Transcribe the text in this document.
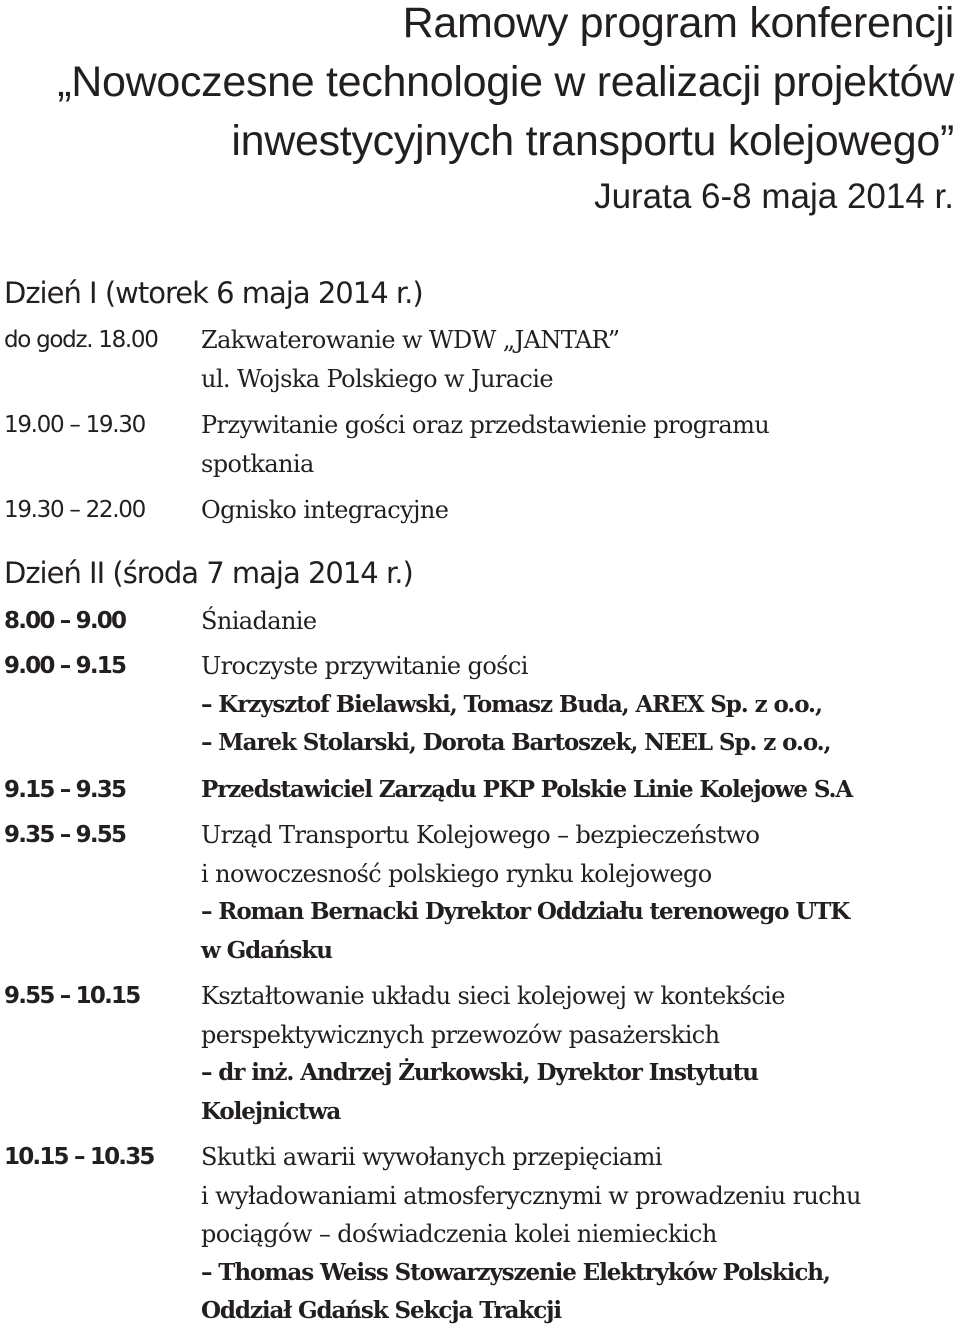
Ramowy program konferencji
„Nowoczesne technologie w realizacji projektów
inwestycyjnych transportu kolejowego”
Jurata 6-8 maja 2014 r.
Dzień I (wtorek 6 maja 2014 r.)
do godz. 18.00 Zakwaterowanie w WDW „JANTAR”
ul. Wojska Polskiego w Juracie
19.00 – 19.30 Przywitanie gości oraz przedstawienie programu
spotkania
19.30 – 22.00 Ognisko integracyjne
Dzień II (środa 7 maja 2014 r.)
8.00 – 9.00	Śniadanie
9.00 – 9.15	Uroczyste przywitanie gości
– Krzysztof Bielawski, Tomasz Buda, AREX Sp. z o.o.,
– Marek Stolarski, Dorota Bartoszek, NEEL Sp. z o.o.,
9.15 – 9.35	Przedstawiciel Zarządu PKP Polskie Linie Kolejowe S.A
9.35 – 9.55	Urząd Transportu Kolejowego – bezpieczeństwo
i nowoczesność polskiego rynku kolejowego
– Roman Bernacki Dyrektor Oddziału terenowego UTK
w Gdańsku
9.55 – 10.15	Kształtowanie układu sieci kolejowej w kontekście
perspektywicznych przewozów pasażerskich
– dr inż. Andrzej Żurkowski, Dyrektor Instytutu
Kolejnictwa
10.15 – 10.35 Skutki awarii wywołanych przepięciami
i wyładowaniami atmosferycznymi w prowadzeniu ruchu
pociągów – doświadczenia kolei niemieckich
– Thomas Weiss Stowarzyszenie Elektryków Polskich,
Oddział Gdańsk Sekcja Trakcji
